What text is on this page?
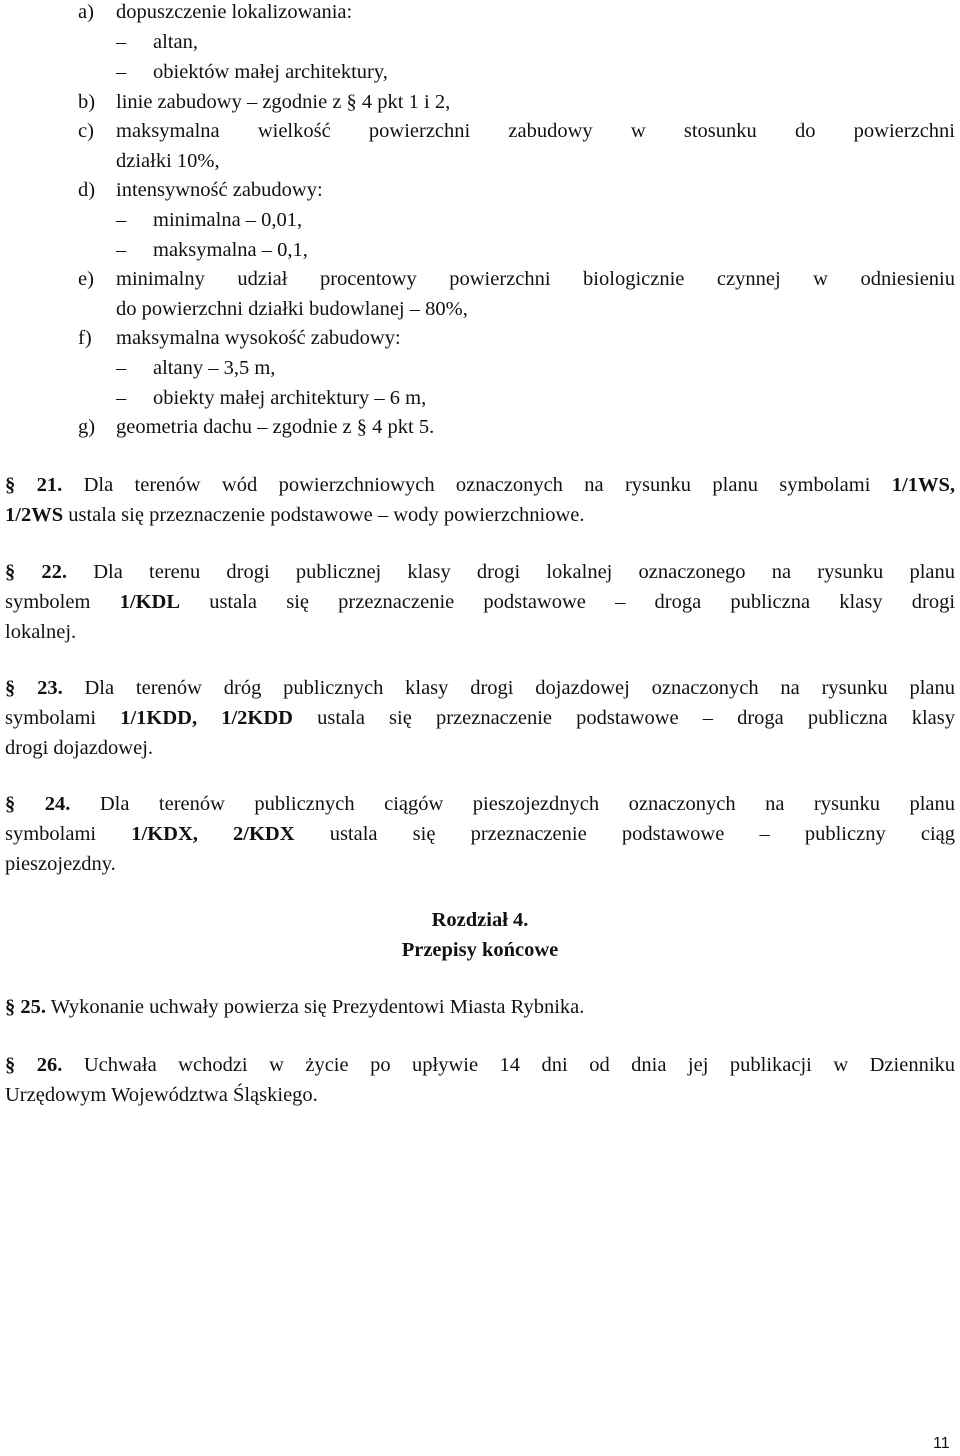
a) dopuszczenie lokalizowania:
– altan,
– obiektów małej architektury,
b) linie zabudowy – zgodnie z § 4 pkt 1 i 2,
c) maksymalna wielkość powierzchni zabudowy w stosunku do powierzchni
działki 10%,
d) intensywność zabudowy:
– minimalna – 0,01,
– maksymalna – 0,1,
e) minimalny udział procentowy powierzchni biologicznie czynnej w odniesieniu
do powierzchni działki budowlanej – 80%,
f) maksymalna wysokość zabudowy:
– altany – 3,5 m,
– obiekty małej architektury – 6 m,
g) geometria dachu – zgodnie z § 4 pkt 5.
§ 21. Dla terenów wód powierzchniowych oznaczonych na rysunku planu symbolami 1/1WS,
1/2WS ustala się przeznaczenie podstawowe – wody powierzchniowe.
§ 22. Dla terenu drogi publicznej klasy drogi lokalnej oznaczonego na rysunku planu
symbolem 1/KDL ustala się przeznaczenie podstawowe – droga publiczna klasy drogi
lokalnej.
§ 23. Dla terenów dróg publicznych klasy drogi dojazdowej oznaczonych na rysunku planu
symbolami 1/1KDD, 1/2KDD ustala się przeznaczenie podstawowe – droga publiczna klasy
drogi dojazdowej.
§ 24. Dla terenów publicznych ciągów pieszojezdnych oznaczonych na rysunku planu
symbolami 1/KDX, 2/KDX ustala się przeznaczenie podstawowe – publiczny ciąg
pieszojezdny.
Rozdział 4.
Przepisy końcowe
§ 25. Wykonanie uchwały powierza się Prezydentowi Miasta Rybnika.
§ 26. Uchwała wchodzi w życie po upływie 14 dni od dnia jej publikacji w Dzienniku
Urzędowym Województwa Śląskiego.
11
